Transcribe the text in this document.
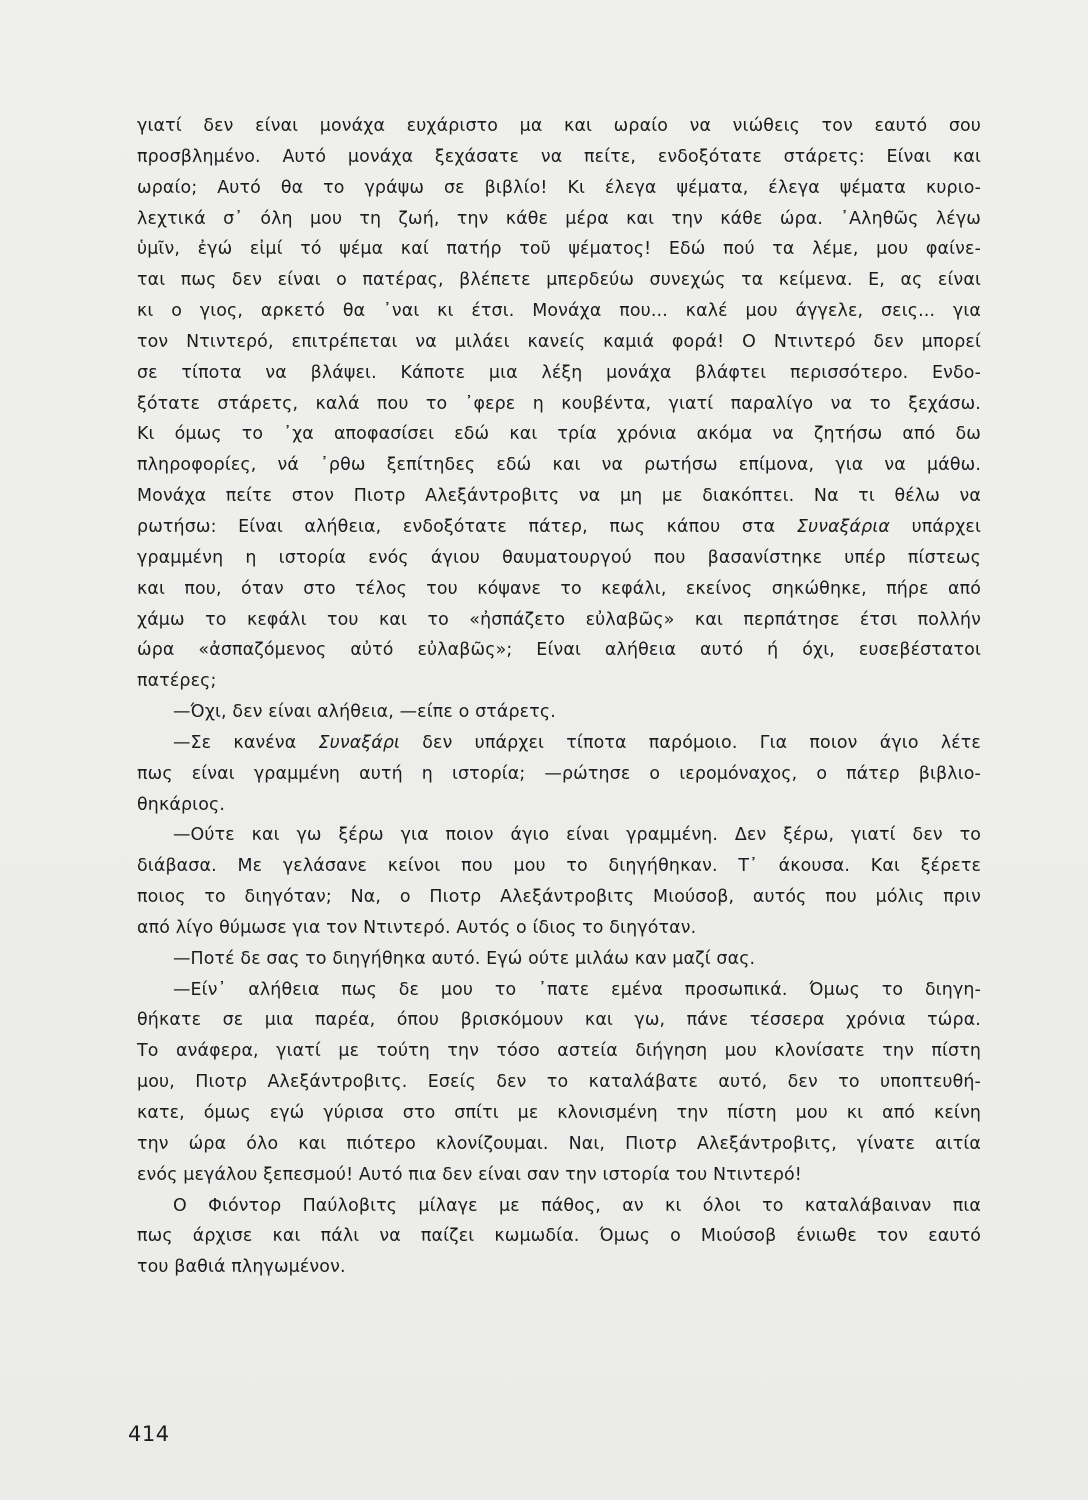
γιατί δεν είναι μονάχα ευχάριστο μα και ωραίο να νιώθεις τον εαυτό σου
προσβλημένο. Αυτό μονάχα ξεχάσατε να πείτε, ενδοξότατε στάρετς: Είναι και
ωραίο; Αυτό θα το γράψω σε βιβλίο! Κι έλεγα ψέματα, έλεγα ψέματα κυριο-
λεχτικά σ᾽ όλη μου τη ζωή, την κάθε μέρα και την κάθε ώρα. ᾽Αληθῶς λέγω
ὑμῖν, ἐγώ εἰμί τό ψέμα καί πατήρ τοῦ ψέματος! Εδώ πού τα λέμε, μου φαίνε-
ται πως δεν είναι ο πατέρας, βλέπετε μπερδεύω συνεχώς τα κείμενα. Ε, ας είναι
κι ο γιος, αρκετό θα ᾽ναι κι έτσι. Μονάχα που... καλέ μου άγγελε, σεις... για
τον Ντιντερό, επιτρέπεται να μιλάει κανείς καμιά φορά! Ο Ντιντερό δεν μπορεί
σε τίποτα να βλάψει. Κάποτε μια λέξη μονάχα βλάφτει περισσότερο. Ενδο-
ξότατε στάρετς, καλά που το ᾽φερε η κουβέντα, γιατί παραλίγο να το ξεχάσω.
Κι όμως το ᾽χα αποφασίσει εδώ και τρία χρόνια ακόμα να ζητήσω από δω
πληροφορίες, νά ᾽ρθω ξεπίτηδες εδώ και να ρωτήσω επίμονα, για να μάθω.
Μονάχα πείτε στον Πιοτρ Αλεξάντροβιτς να μη με διακόπτει. Να τι θέλω να
ρωτήσω: Είναι αλήθεια, ενδοξότατε πάτερ, πως κάπου στα Συναξάρια υπάρχει
γραμμένη η ιστορία ενός άγιου θαυματουργού που βασανίστηκε υπέρ πίστεως
και που, όταν στο τέλος του κόψανε το κεφάλι, εκείνος σηκώθηκε, πήρε από
χάμω το κεφάλι του και το «ἠσπάζετο εὐλαβῶς» και περπάτησε έτσι πολλήν
ώρα «ἀσπαζόμενος αὐτό εὐλαβῶς»; Είναι αλήθεια αυτό ή όχι, ευσεβέστατοι
πατέρες;
—Όχι, δεν είναι αλήθεια, —είπε ο στάρετς.
—Σε κανένα Συναξάρι δεν υπάρχει τίποτα παρόμοιο. Για ποιον άγιο λέτε
πως είναι γραμμένη αυτή η ιστορία; —ρώτησε ο ιερομόναχος, ο πάτερ βιβλιο-
θηκάριος.
—Ούτε και γω ξέρω για ποιον άγιο είναι γραμμένη. Δεν ξέρω, γιατί δεν το
διάβασα. Με γελάσανε κείνοι που μου το διηγήθηκαν. Τ᾽ άκουσα. Και ξέρετε
ποιος το διηγόταν; Να, ο Πιοτρ Αλεξάντροβιτς Μιούσοβ, αυτός που μόλις πριν
από λίγο θύμωσε για τον Ντιντερό. Αυτός ο ίδιος το διηγόταν.
—Ποτέ δε σας το διηγήθηκα αυτό. Εγώ ούτε μιλάω καν μαζί σας.
—Είν᾽ αλήθεια πως δε μου το ᾽πατε εμένα προσωπικά. Όμως το διηγη-
θήκατε σε μια παρέα, όπου βρισκόμουν και γω, πάνε τέσσερα χρόνια τώρα.
Το ανάφερα, γιατί με τούτη την τόσο αστεία διήγηση μου κλονίσατε την πίστη
μου, Πιοτρ Αλεξάντροβιτς. Εσείς δεν το καταλάβατε αυτό, δεν το υποπτευθή-
κατε, όμως εγώ γύρισα στο σπίτι με κλονισμένη την πίστη μου κι από κείνη
την ώρα όλο και πιότερο κλονίζουμαι. Ναι, Πιοτρ Αλεξάντροβιτς, γίνατε αιτία
ενός μεγάλου ξεπεσμού! Αυτό πια δεν είναι σαν την ιστορία του Ντιντερό!
Ο Φιόντορ Παύλοβιτς μίλαγε με πάθος, αν κι όλοι το καταλάβαιναν πια
πως άρχισε και πάλι να παίζει κωμωδία. Όμως ο Μιούσοβ ένιωθε τον εαυτό
του βαθιά πληγωμένον.
414
